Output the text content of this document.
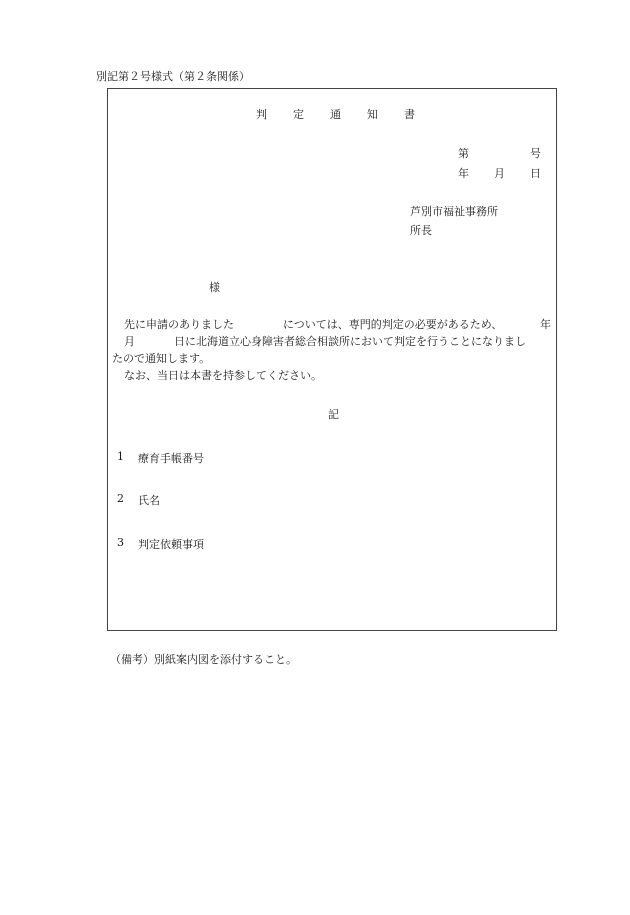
別記第２号様式（第２条関係）
判 定 通 知 書
第	号
年 月 日
芦別市福祉事務所
所長
様
先に申請のありました	については、専門的判定の必要があるため、	年
月	日に北海道立心身障害者総合相談所において判定を行うことになりまし
たので通知します。
なお、当日は本書を持参してください。
記
1 療育手帳番号
2 氏名
3 判定依頼事項
（備考）別紙案内図を添付すること。
